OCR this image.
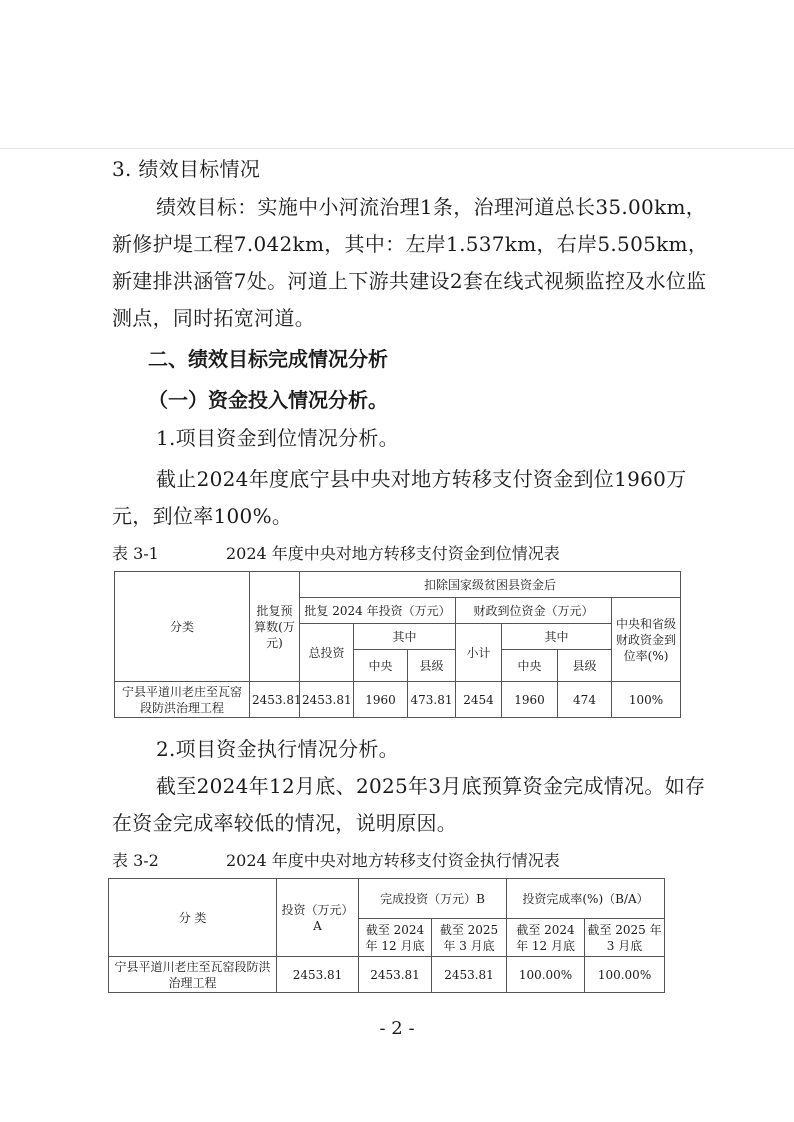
3. 绩效目标情况
绩效目标：实施中小河流治理1条，治理河道总长35.00km，新修护堤工程7.042km，其中：左岸1.537km，右岸5.505km，新建排洪涵管7处。河道上下游共建设2套在线式视频监控及水位监测点，同时拓宽河道。
二、绩效目标完成情况分析
（一）资金投入情况分析。
1.项目资金到位情况分析。
截止2024年度底宁县中央对地方转移支付资金到位1960万元，到位率100%。
表 3-1	2024 年度中央对地方转移支付资金到位情况表
分类	批复预算数(万元)	扣除国家级贫困县资金后						
		批复 2024 年投资（万元）			财政到位资金（万元）			中央和省级财政资金到位率(%)
		总投资	其中		小计	其中		
			中央	县级		中央	县级	
宁县平道川老庄至瓦窑段防洪治理工程	2453.81	2453.81	1960	473.81	2454	1960	474	100%
2.项目资金执行情况分析。
截至2024年12月底、2025年3月底预算资金完成情况。如存在资金完成率较低的情况，说明原因。
表 3-2	2024 年度中央对地方转移支付资金执行情况表
分 类	投资（万元）A	完成投资（万元）B		投资完成率(%)（B/A）	
		截至 2024 年 12 月底	截至 2025 年 3 月底	截至 2024 年 12 月底	截至 2025 年 3 月底
宁县平道川老庄至瓦窑段防洪治理工程	2453.81	2453.81	2453.81	100.00%	100.00%
- 2 -
